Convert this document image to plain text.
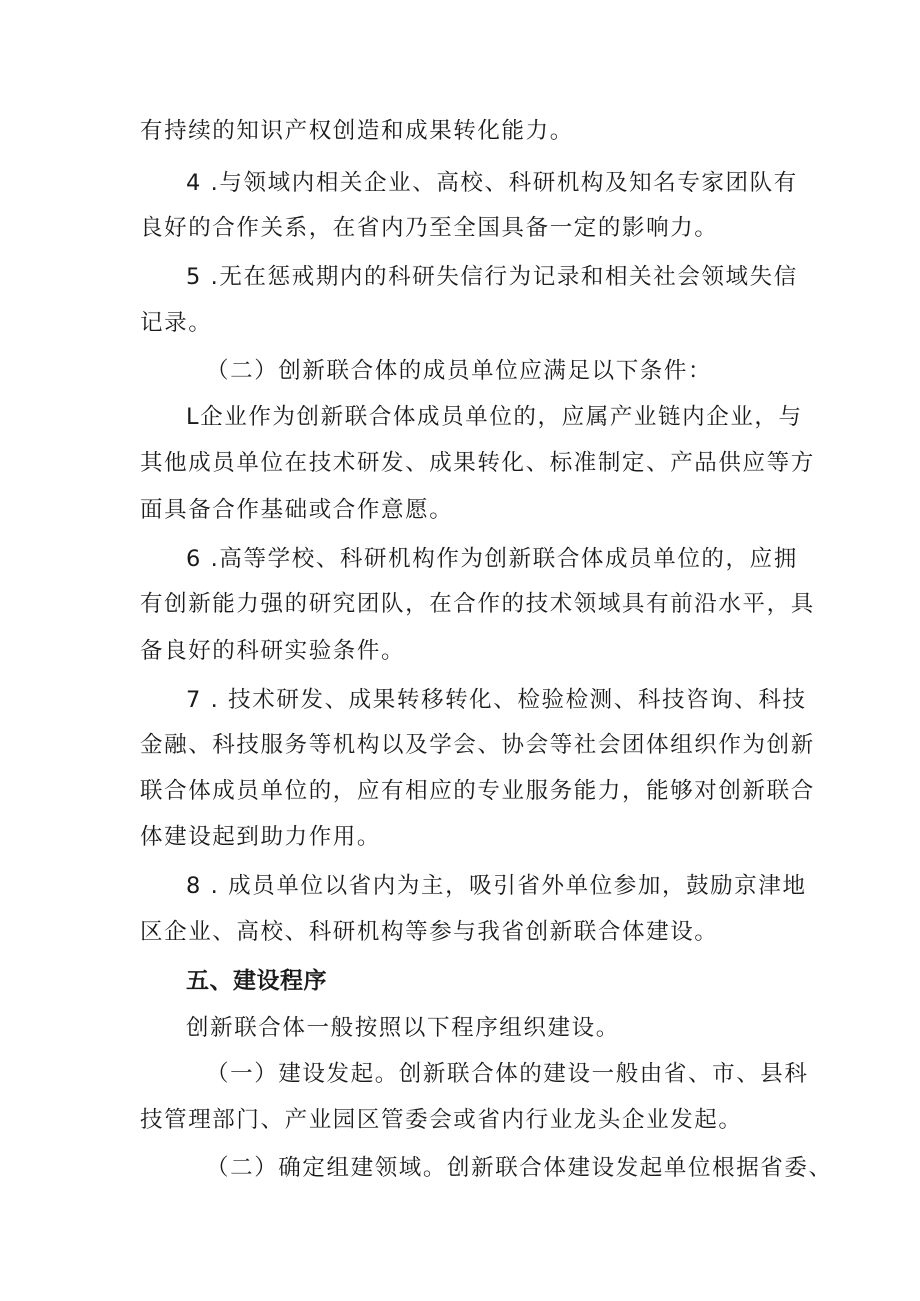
有持续的知识产权创造和成果转化能力。
4 .与领域内相关企业、高校、科研机构及知名专家团队有
良好的合作关系，在省内乃至全国具备一定的影响力。
5 .无在惩戒期内的科研失信行为记录和相关社会领域失信
记录。
（二）创新联合体的成员单位应满足以下条件：
L企业作为创新联合体成员单位的，应属产业链内企业，与
其他成员单位在技术研发、成果转化、标准制定、产品供应等方
面具备合作基础或合作意愿。
6 .高等学校、科研机构作为创新联合体成员单位的，应拥
有创新能力强的研究团队，在合作的技术领域具有前沿水平，具
备良好的科研实验条件。
7 . 技术研发、成果转移转化、检验检测、科技咨询、科技
金融、科技服务等机构以及学会、协会等社会团体组织作为创新
联合体成员单位的，应有相应的专业服务能力，能够对创新联合
体建设起到助力作用。
8 . 成员单位以省内为主，吸引省外单位参加，鼓励京津地
区企业、高校、科研机构等参与我省创新联合体建设。
五、建设程序
创新联合体一般按照以下程序组织建设。
（一）建设发起。创新联合体的建设一般由省、市、县科
技管理部门、产业园区管委会或省内行业龙头企业发起。
（二）确定组建领域。创新联合体建设发起单位根据省委、
